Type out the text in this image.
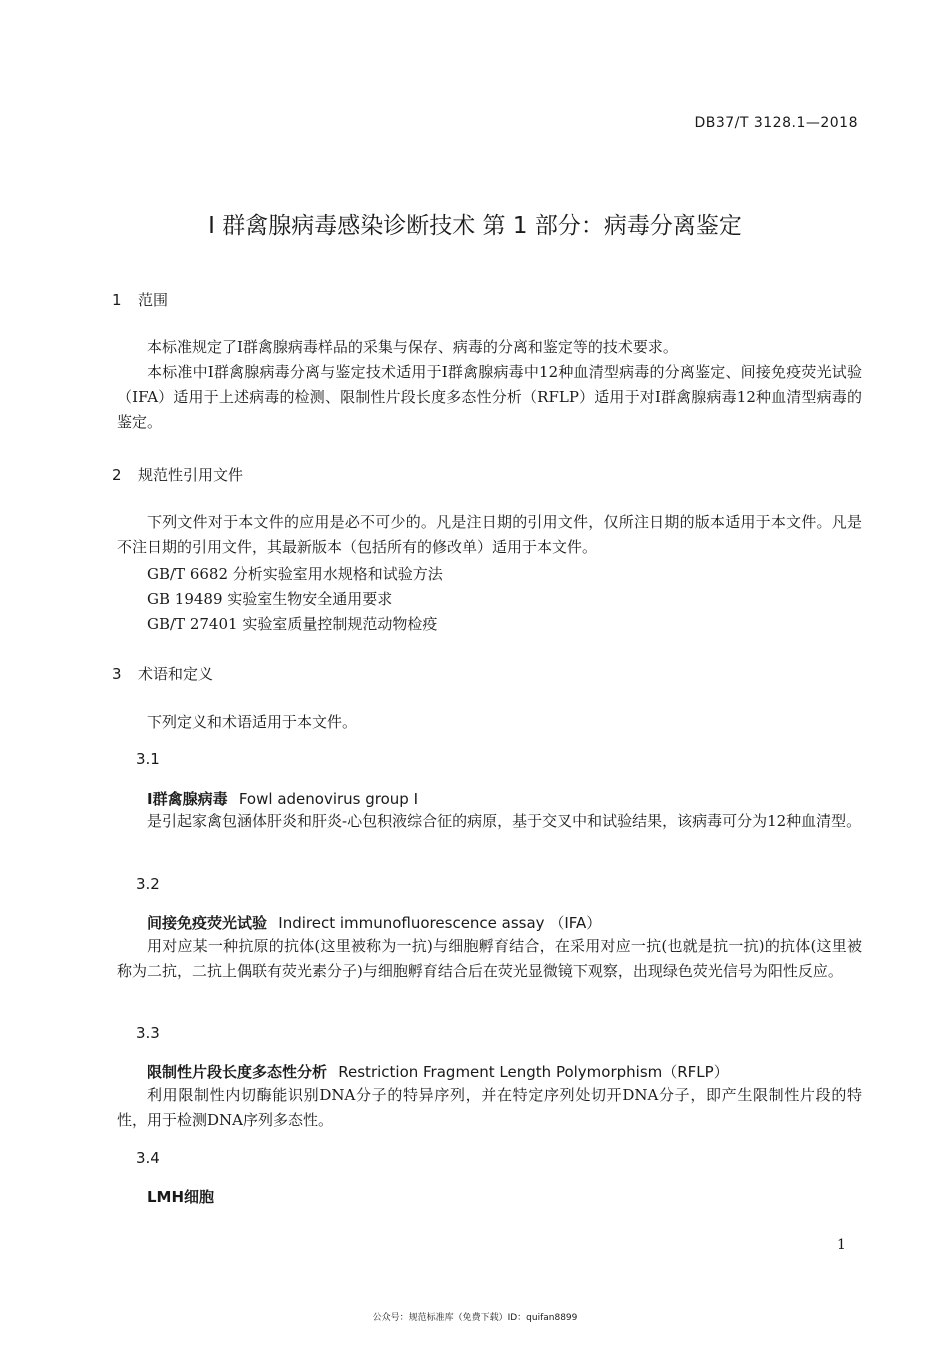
DB37/T 3128.1—2018
I 群禽腺病毒感染诊断技术 第 1 部分：病毒分离鉴定
1 范围
本标准规定了I群禽腺病毒样品的采集与保存、病毒的分离和鉴定等的技术要求。
本标准中I群禽腺病毒分离与鉴定技术适用于I群禽腺病毒中12种血清型病毒的分离鉴定、间接免疫荧光试验（IFA）适用于上述病毒的检测、限制性片段长度多态性分析（RFLP）适用于对I群禽腺病毒12种血清型病毒的鉴定。
2 规范性引用文件
下列文件对于本文件的应用是必不可少的。凡是注日期的引用文件，仅所注日期的版本适用于本文件。凡是不注日期的引用文件，其最新版本（包括所有的修改单）适用于本文件。
GB/T 6682 分析实验室用水规格和试验方法
GB 19489 实验室生物安全通用要求
GB/T 27401 实验室质量控制规范动物检疫
3 术语和定义
下列定义和术语适用于本文件。
3.1
I群禽腺病毒 Fowl adenovirus group I
是引起家禽包涵体肝炎和肝炎-心包积液综合征的病原，基于交叉中和试验结果，该病毒可分为12种血清型。
3.2
间接免疫荧光试验 Indirect immunofluorescence assay （IFA）
用对应某一种抗原的抗体(这里被称为一抗)与细胞孵育结合，在采用对应一抗(也就是抗一抗)的抗体(这里被称为二抗，二抗上偶联有荧光素分子)与细胞孵育结合后在荧光显微镜下观察，出现绿色荧光信号为阳性反应。
3.3
限制性片段长度多态性分析 Restriction Fragment Length Polymorphism（RFLP）
利用限制性内切酶能识别DNA分子的特异序列，并在特定序列处切开DNA分子，即产生限制性片段的特性，用于检测DNA序列多态性。
3.4
LMH细胞
1
公众号：规范标准库（免费下载）ID：quifan8899
